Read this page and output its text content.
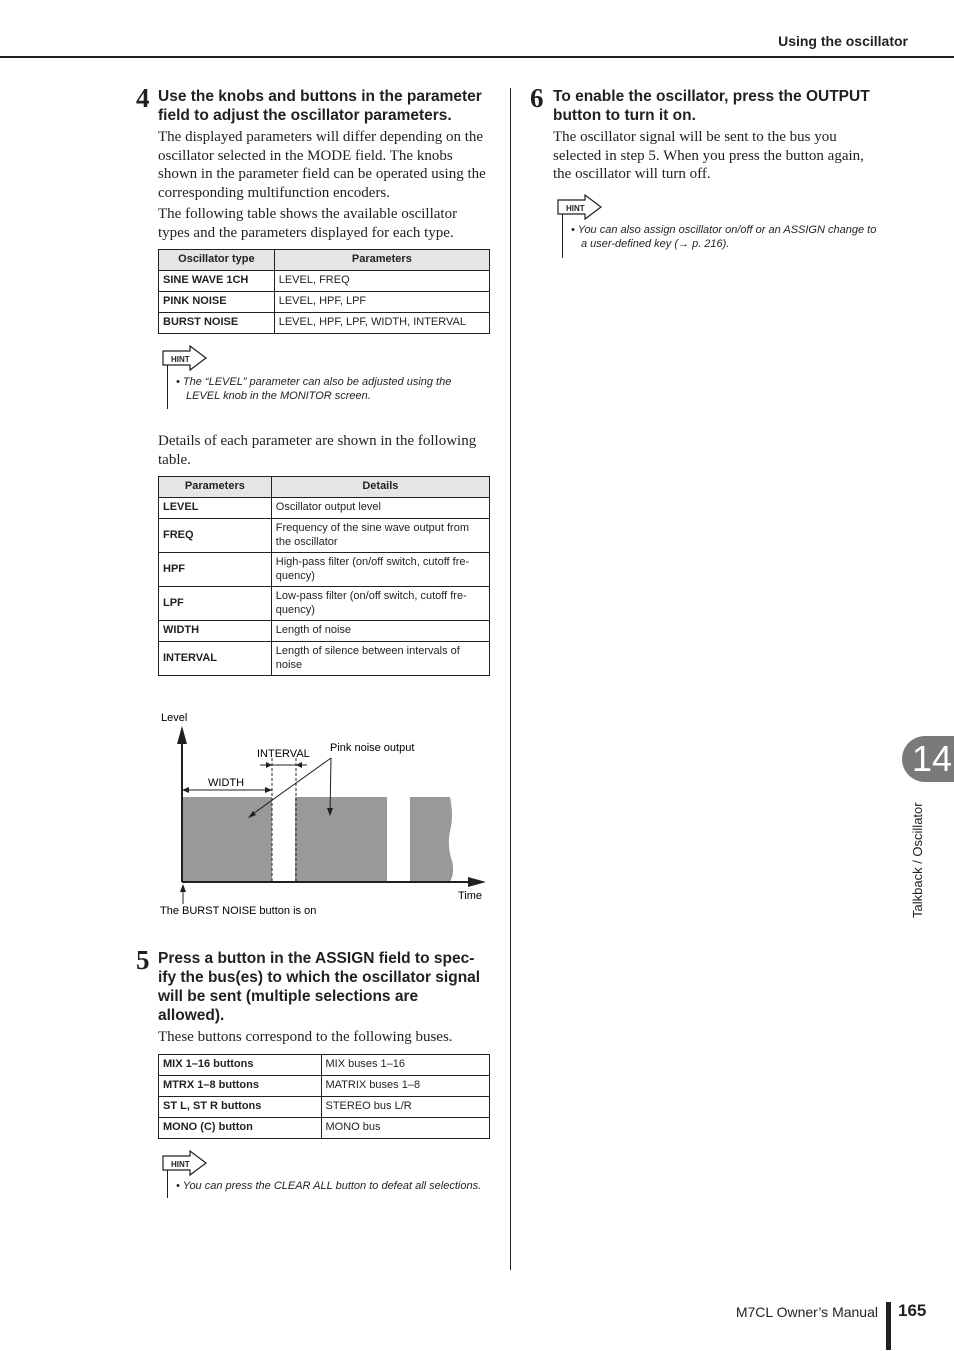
Using the oscillator
4 Use the knobs and buttons in the parameter
field to adjust the oscillator parameters.
The displayed parameters will differ depending on the
oscillator selected in the MODE field. The knobs
shown in the parameter field can be operated using the
corresponding multifunction encoders.
The following table shows the available oscillator
types and the parameters displayed for each type.
Oscillator type	Parameters
SINE WAVE 1CH	LEVEL, FREQ
PINK NOISE	LEVEL, HPF, LPF
BURST NOISE	LEVEL, HPF, LPF, WIDTH, INTERVAL
HINT
• The “LEVEL” parameter can also be adjusted using the
LEVEL knob in the MONITOR screen.
Details of each parameter are shown in the following
table.
Parameters	Details
LEVEL	Oscillator output level
FREQ	Frequency of the sine wave output from
the oscillator
HPF	High-pass filter (on/off switch, cutoff fre-
quency)
LPF	Low-pass filter (on/off switch, cutoff fre-
quency)
WIDTH	Length of noise
INTERVAL	Length of silence between intervals of
noise
Level
INTERVAL
WIDTH
Pink noise output
Time
The BURST NOISE button is on
5 Press a button in the ASSIGN field to spec-
ify the bus(es) to which the oscillator signal
will be sent (multiple selections are
allowed).
These buttons correspond to the following buses.
MIX 1–16 buttons	MIX buses 1–16
MTRX 1–8 buttons	MATRIX buses 1–8
ST L, ST R buttons	STEREO bus L/R
MONO (C) button	MONO bus
HINT
• You can press the CLEAR ALL button to defeat all selections.
6 To enable the oscillator, press the OUTPUT
button to turn it on.
The oscillator signal will be sent to the bus you
selected in step 5. When you press the button again,
the oscillator will turn off.
HINT
• You can also assign oscillator on/off or an ASSIGN change to
a user-defined key (→ p. 216).
14
Talkback / Oscillator
M7CL Owner’s Manual 165
